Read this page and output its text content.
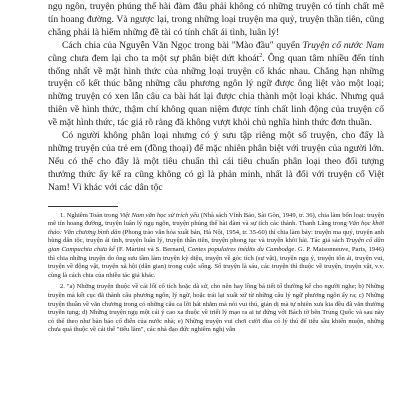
ngụ ngôn, truyện phúng thế hài đàm đâu phải không có những truyện có tính chất mê tín hoang đường. Và ngược lại, trong những loại truyện ma quỷ, truyện thần tiên, cũng chẳng phải là hiếm những đề tài có tính chất ái tình, luân lý!

Cách chia của Nguyễn Văn Ngọc trong bài "Mào đầu" quyển Truyện cổ nước Nam cũng chưa đem lại cho ta một sự phân biệt dứt khoát$^2$. Ông quan tâm nhiều đến tính thống nhất về mặt hình thức của những loại truyện cổ khác nhau. Chẳng hạn những truyện cổ kết thúc bằng những câu phương ngôn lý ngữ được ông liệt vào một loại; những truyện có xen lẫn câu ca bài hát lại được chia thành một loại khác. Nhưng quả thiên về hình thức, thậm chí không quan niệm được tính chất linh động của truyện cổ về mặt hình thức, tác giả rõ ràng đã không vượt khỏi chủ nghĩa hình thức đơn thuần.

Có người không phân loại nhưng có ý sưu tập riêng một số truyện, cho đấy là những truyện của trẻ em (đồng thoại) để mặc nhiên phân biệt với truyện của người lớn. Nếu có thể cho đây là một tiêu chuẩn thì cái tiêu chuẩn phân loại theo đối tượng thưởng thức ấy kể ra cũng không có gì là phản minh, nhất là đối với truyện cổ Việt Nam! Vì khác với các dân tộc

1. Nghiêm Toản trong Việt Nam văn học sử trích yếu (Nhà sách Vĩnh Bảo, Sài Gòn, 1949, tr. 36), chia làm bốn loại: truyện mê tín hoang đường, truyện luân lý ngụ ngôn, truyện phúng thế hài đàm và sự tích các thánh. Thanh Lãng trong Văn học khởi thảo: Văn chương bình dân (Phong trào văn hóa xuất bản, Hà Nội, 1954, tr. 35-60) thì chia làm bảy: truyện ma quỷ, truyện anh hùng dân tộc, truyện ái tình, truyện luân lý, truyện thần tiên, truyện phong tục và truyện khôi hài. Tác giả sách Truyện cổ dân gian Campuchia chưa kể (F. Martini và S. Bernard, Contes populaires inédits du Cambodge. G. P. Maisonneuve, Paris, 1946) thì chia những truyện do ông sưu tầm làm truyện kỳ diệu, truyện về góc tích (sự vật), truyện ngụ ý, truyện tôn ái, truyện vui, truyện về động vật, truyện xã hội (dân gian) trong cuộc sống. Số truyện là sáu, các truyện thì thuộc về truyện, truyện vật, v.v. cùng là cách chia của nhiều tác giả khác.

2. "a) Những truyện thuộc về cái lối cổ tích hoặc dã sử, cho nên hay lồng bá tiết tổ thường kể cho người nghe; b) Những truyện mà kết cục đã thành câu phương ngôn, lý ngữ, hoặc trái lại xuất xứ từ những câu lý ngữ phương ngôn ấy ra; c) Những truyện thuần về văn chương trong có những câu ca lời hát nhắm mà nói vui thú, giản dị mà tự nhiên xưa kia đều đã văn thường truyền tụng; d) Những truyện ngụ một cái ý cao xa thuộc về triết lý mạo ra ai tư đứng với Bách tờ bên Trung Quốc và sau này có thể theo như bàn báo cổ điển của nước nhà; e) Những truyện vui chơi cười đùa có lý thú để tiêu sầu khiển muộn, những chưa quá thuộc về cái thể "tiếu lâm", các nhà đạo đức nghiêm nghị vẫn
